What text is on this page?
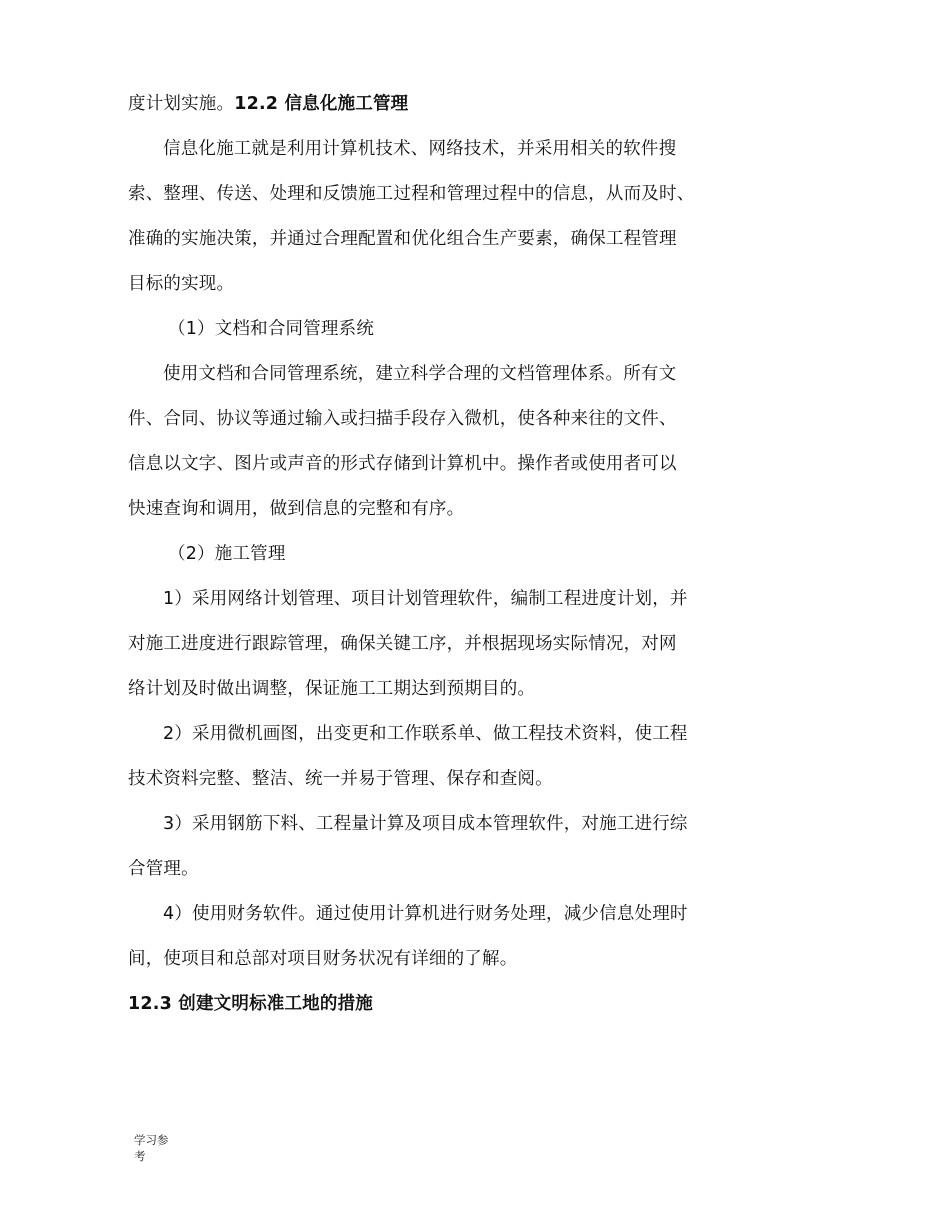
度计划实施。12.2 信息化施工管理
信息化施工就是利用计算机技术、网络技术，并采用相关的软件搜
索、整理、传送、处理和反馈施工过程和管理过程中的信息，从而及时、
准确的实施决策，并通过合理配置和优化组合生产要素，确保工程管理
目标的实现。
（1）文档和合同管理系统
使用文档和合同管理系统，建立科学合理的文档管理体系。所有文
件、合同、协议等通过输入或扫描手段存入微机，使各种来往的文件、
信息以文字、图片或声音的形式存储到计算机中。操作者或使用者可以
快速查询和调用，做到信息的完整和有序。
（2）施工管理
1）采用网络计划管理、项目计划管理软件，编制工程进度计划，并
对施工进度进行跟踪管理，确保关键工序，并根据现场实际情况，对网
络计划及时做出调整，保证施工工期达到预期目的。
2）采用微机画图，出变更和工作联系单、做工程技术资料，使工程
技术资料完整、整洁、统一并易于管理、保存和查阅。
3）采用钢筋下料、工程量计算及项目成本管理软件，对施工进行综
合管理。
4）使用财务软件。通过使用计算机进行财务处理，减少信息处理时
间，使项目和总部对项目财务状况有详细的了解。
12.3 创建文明标准工地的措施
学习参
考
